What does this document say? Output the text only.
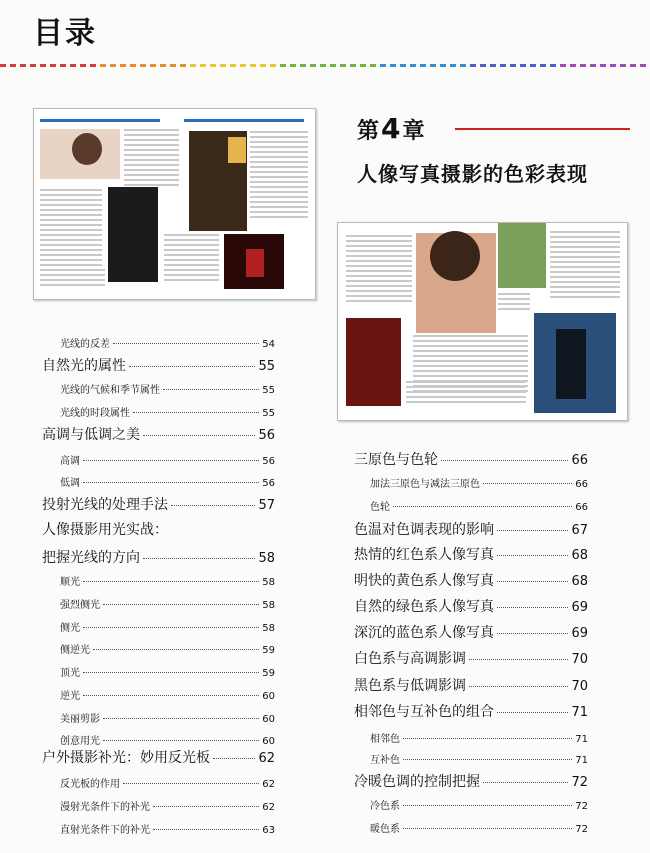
目录
第4章
人像写真摄影的色彩表现
光线的反差	54
自然光的属性	55
光线的气候和季节属性	55
光线的时段属性	55
高调与低调之美	56
高调	56
低调	56
投射光线的处理手法	57
人像摄影用光实战：
把握光线的方向	58
顺光	58
强烈侧光	58
侧光	58
侧逆光	59
顶光	59
逆光	60
美丽剪影	60
创意用光	60
户外摄影补光：妙用反光板	62
反光板的作用	62
漫射光条件下的补光	62
直射光条件下的补光	63
三原色与色轮	66
加法三原色与减法三原色	66
色轮	66
色温对色调表现的影响	67
热情的红色系人像写真	68
明快的黄色系人像写真	68
自然的绿色系人像写真	69
深沉的蓝色系人像写真	69
白色系与高调影调	70
黑色系与低调影调	70
相邻色与互补色的组合	71
相邻色	71
互补色	71
冷暖色调的控制把握	72
冷色系	72
暖色系	72
